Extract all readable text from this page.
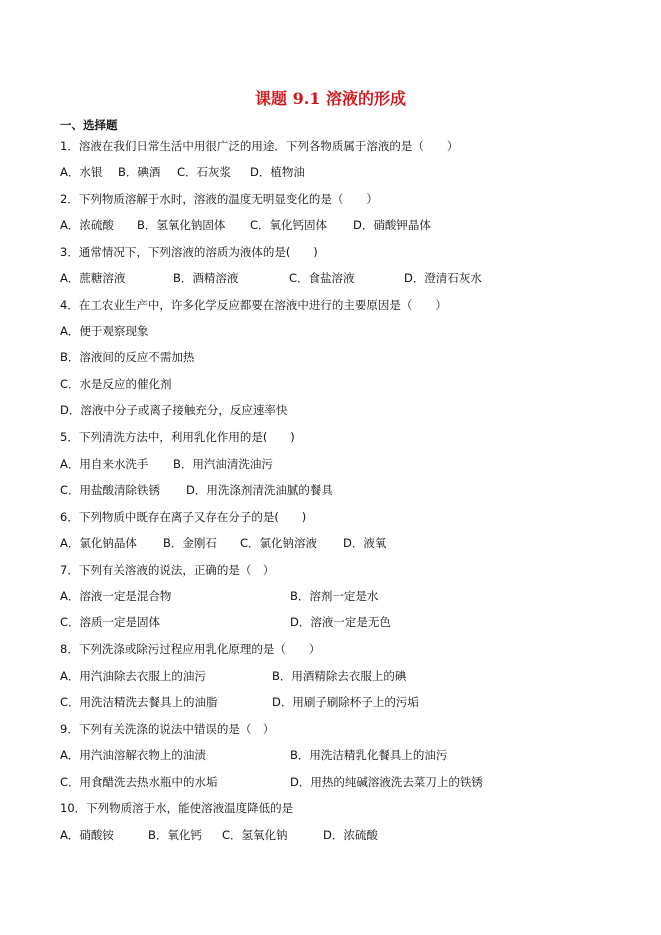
课题 9.1 溶液的形成
一、选择题
1．溶液在我们日常生活中用很广泛的用途．下列各物质属于溶液的是（　　）
A．水银 B．碘酒 C．石灰浆 D．植物油
2．下列物质溶解于水时，溶液的温度无明显变化的是（　　）
A．浓硫酸 B．氢氧化钠固体 C．氧化钙固体 D．硝酸钾晶体
3．通常情况下，下列溶液的溶质为液体的是(　　)
A．蔗糖溶液	B．酒精溶液	C．食盐溶液	D．澄清石灰水
4．在工农业生产中，许多化学反应都要在溶液中进行的主要原因是（　　）
A．便于观察现象
B．溶液间的反应不需加热
C．水是反应的催化剂
D．溶液中分子或离子接触充分，反应速率快
5．下列清洗方法中，利用乳化作用的是(　　)
A．用自来水洗手 B．用汽油清洗油污
C．用盐酸清除铁锈 D．用洗涤剂清洗油腻的餐具
6．下列物质中既存在离子又存在分子的是(　　)
A．氯化钠晶体 B．金刚石 C．氯化钠溶液 D．液氧
7．下列有关溶液的说法，正确的是（　）
A．溶液一定是混合物	B．溶剂一定是水
C．溶质一定是固体	D．溶液一定是无色
8．下列洗涤或除污过程应用乳化原理的是（　　）
A．用汽油除去衣服上的油污	B．用酒精除去衣服上的碘
C．用洗洁精洗去餐具上的油脂	D．用刷子刷除杯子上的污垢
9．下列有关洗涤的说法中错误的是（　）
A．用汽油溶解衣物上的油渍	B．用洗洁精乳化餐具上的油污
C．用食醋洗去热水瓶中的水垢	D．用热的纯碱溶液洗去菜刀上的铁锈
10．下列物质溶于水，能使溶液温度降低的是
A．硝酸铵	B．氧化钙 C．氢氧化钠	D．浓硫酸
